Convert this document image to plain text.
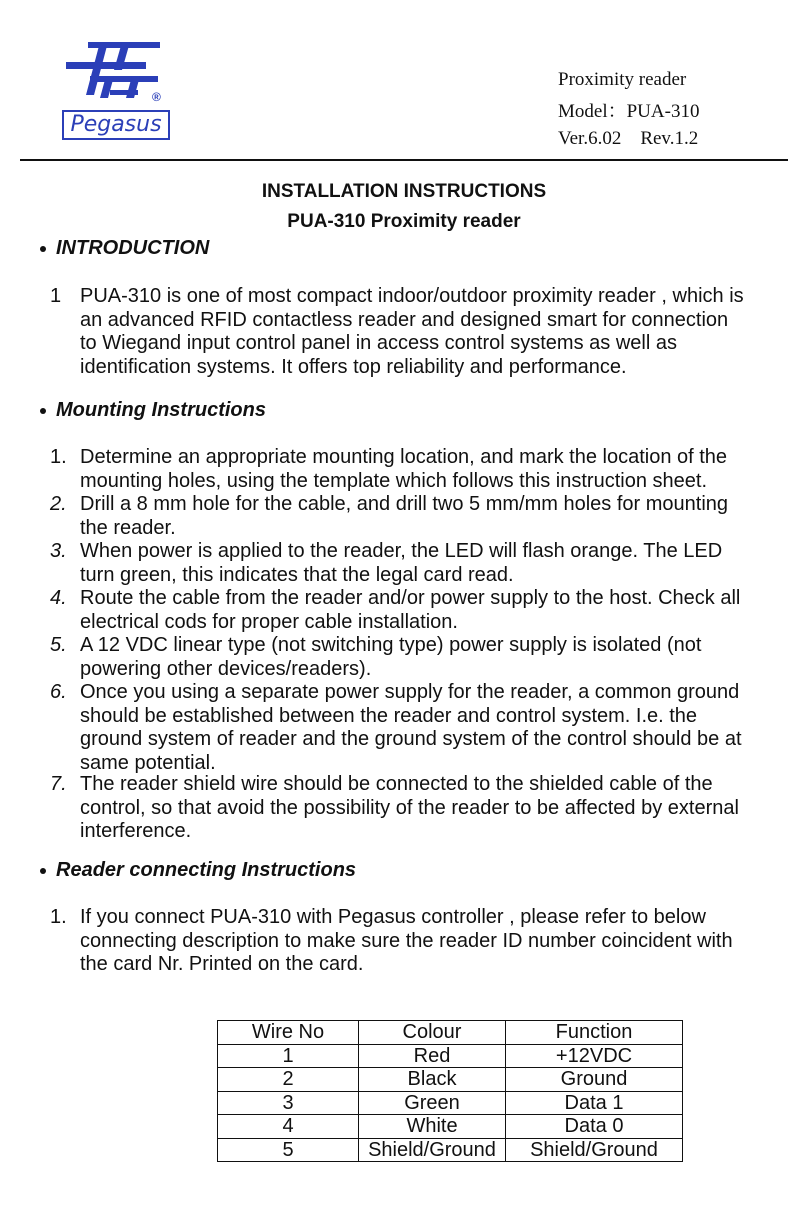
®
Pegasus
Proximity reader
Model：PUA-310
Ver.6.02    Rev.1.2
INSTALLATION INSTRUCTIONS
PUA-310 Proximity reader
INTRODUCTION
1 PUA-310 is one of most compact indoor/outdoor proximity reader , which is
an advanced RFID contactless reader and designed smart for connection
to Wiegand input control panel in access control systems as well as
identification systems. It offers top reliability and performance.
Mounting Instructions
1. Determine an appropriate mounting location, and mark the location of the
mounting holes, using the template which follows this instruction sheet.
2. Drill a 8 mm hole for the cable, and drill two 5 mm/mm holes for mounting
the reader.
3. When power is applied to the reader, the LED will flash orange. The LED
turn green, this indicates that the legal card read.
4. Route the cable from the reader and/or power supply to the host. Check all
electrical cods for proper cable installation.
5. A 12 VDC linear type (not switching type) power supply is isolated (not
powering other devices/readers).
6. Once you using a separate power supply for the reader, a common ground
should be established between the reader and control system. I.e. the
ground system of reader and the ground system of the control should be at
same potential.
7. The reader shield wire should be connected to the shielded cable of the
control, so that avoid the possibility of the reader to be affected by external
interference.
Reader connecting Instructions
1. If you connect PUA-310 with Pegasus controller , please refer to below
connecting description to make sure the reader ID number coincident with
the card Nr. Printed on the card.
Wire No	Colour	Function
1	Red	+12VDC
2	Black	Ground
3	Green	Data 1
4	White	Data 0
5	Shield/Ground	Shield/Ground
